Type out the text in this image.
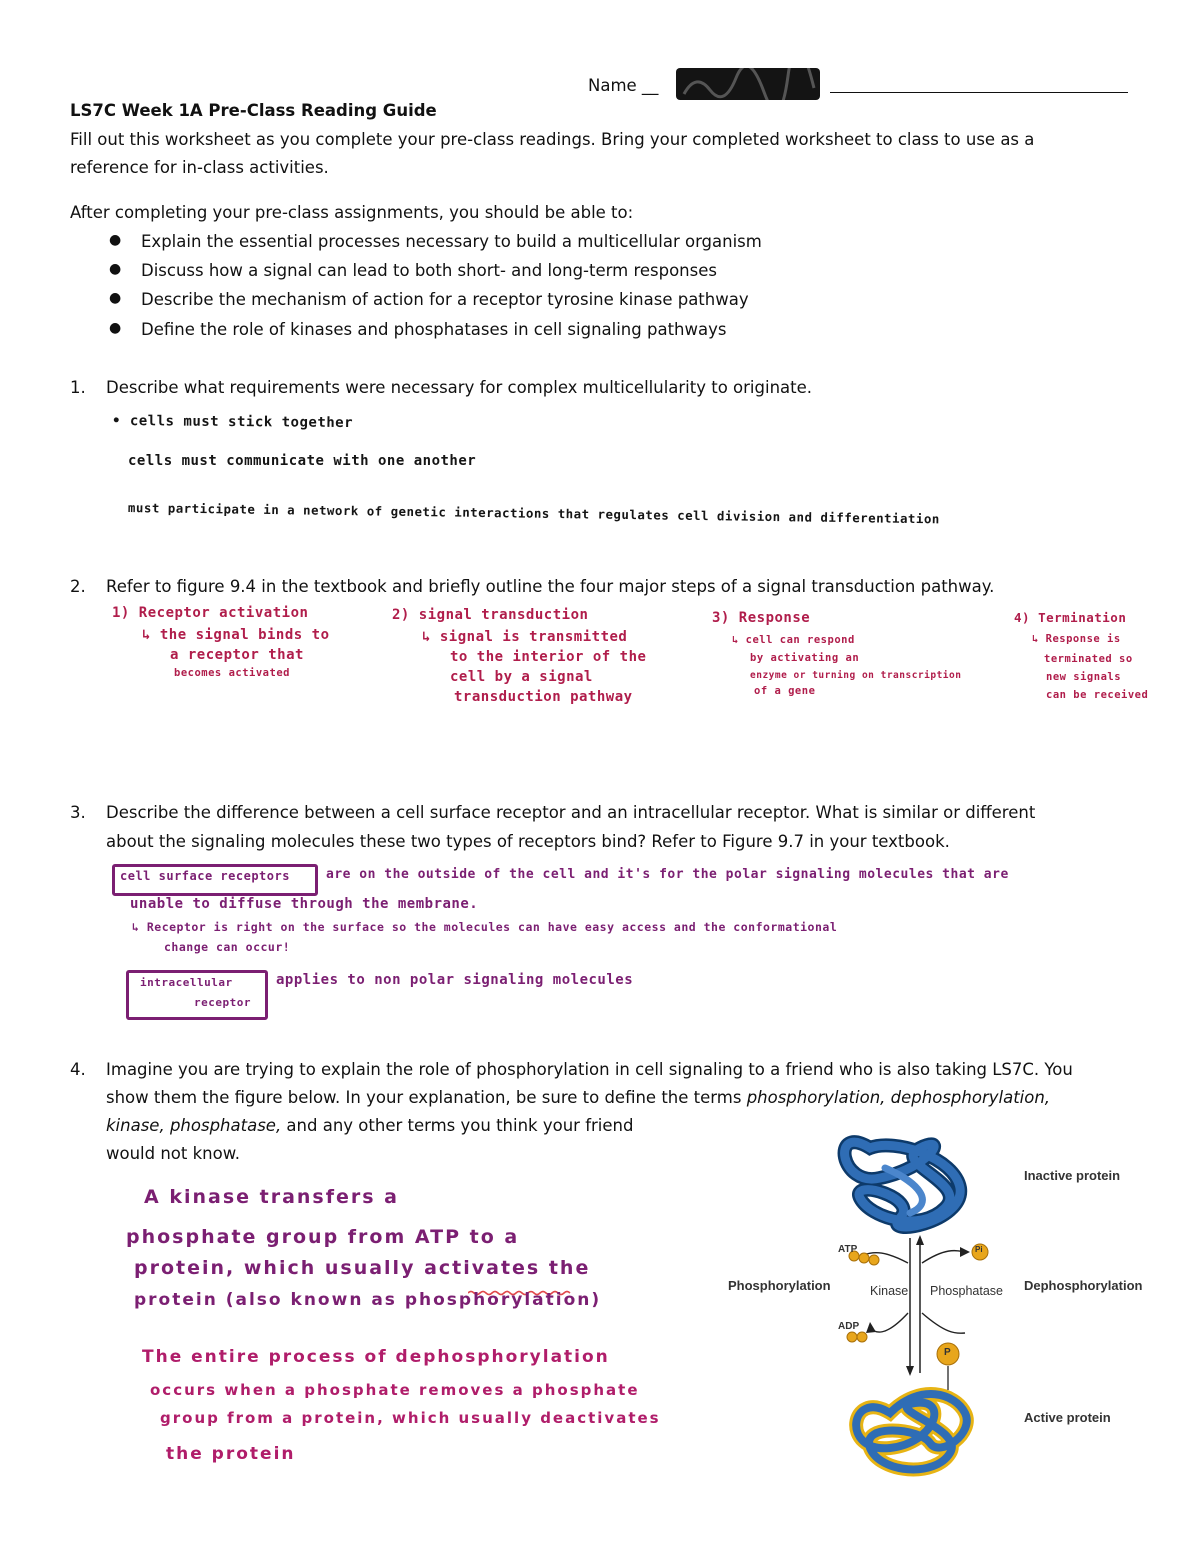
Name __
LS7C Week 1A Pre-Class Reading Guide
Fill out this worksheet as you complete your pre-class readings. Bring your completed worksheet to class to use as a
reference for in-class activities.
After completing your pre-class assignments, you should be able to:
● Explain the essential processes necessary to build a multicellular organism
● Discuss how a signal can lead to both short- and long-term responses
● Describe the mechanism of action for a receptor tyrosine kinase pathway
● Define the role of kinases and phosphatases in cell signaling pathways
1. Describe what requirements were necessary for complex multicellularity to originate.
• cells must stick together
cells must communicate with one another
must participate in a network of genetic interactions that regulates cell division and differentiation
2. Refer to figure 9.4 in the textbook and briefly outline the four major steps of a signal transduction pathway.
1) Receptor activation
↳ the signal binds to
a receptor that
becomes activated
2) signal transduction
↳ signal is transmitted
to the interior of the
cell by a signal
transduction pathway
3) Response
↳ cell can respond
by activating an
enzyme or turning on transcription
of a gene
4) Termination
↳ Response is
terminated so
new signals
can be received
3. Describe the difference between a cell surface receptor and an intracellular receptor. What is similar or different
about the signaling molecules these two types of receptors bind? Refer to Figure 9.7 in your textbook.
cell surface receptors	are on the outside of the cell and it's for the polar signaling molecules that are
unable to diffuse through the membrane.
↳ Receptor is right on the surface so the molecules can have easy access and the conformational
change can occur!
intracellular
receptor
applies to non polar signaling molecules
4. Imagine you are trying to explain the role of phosphorylation in cell signaling to a friend who is also taking LS7C. You
show them the figure below. In your explanation, be sure to define the terms phosphorylation, dephosphorylation,
kinase, phosphatase, and any other terms you think your friend
would not know.
A kinase transfers a
phosphate group from ATP to a
protein, which usually activates the
protein (also known as phosphorylation)
The entire process of dephosphorylation
occurs when a phosphate removes a phosphate
group from a protein, which usually deactivates
the protein
Inactive protein
Phosphorylation	Dephosphorylation
Kinase Phosphatase
ATP
ADP
Pi
P
Active protein
